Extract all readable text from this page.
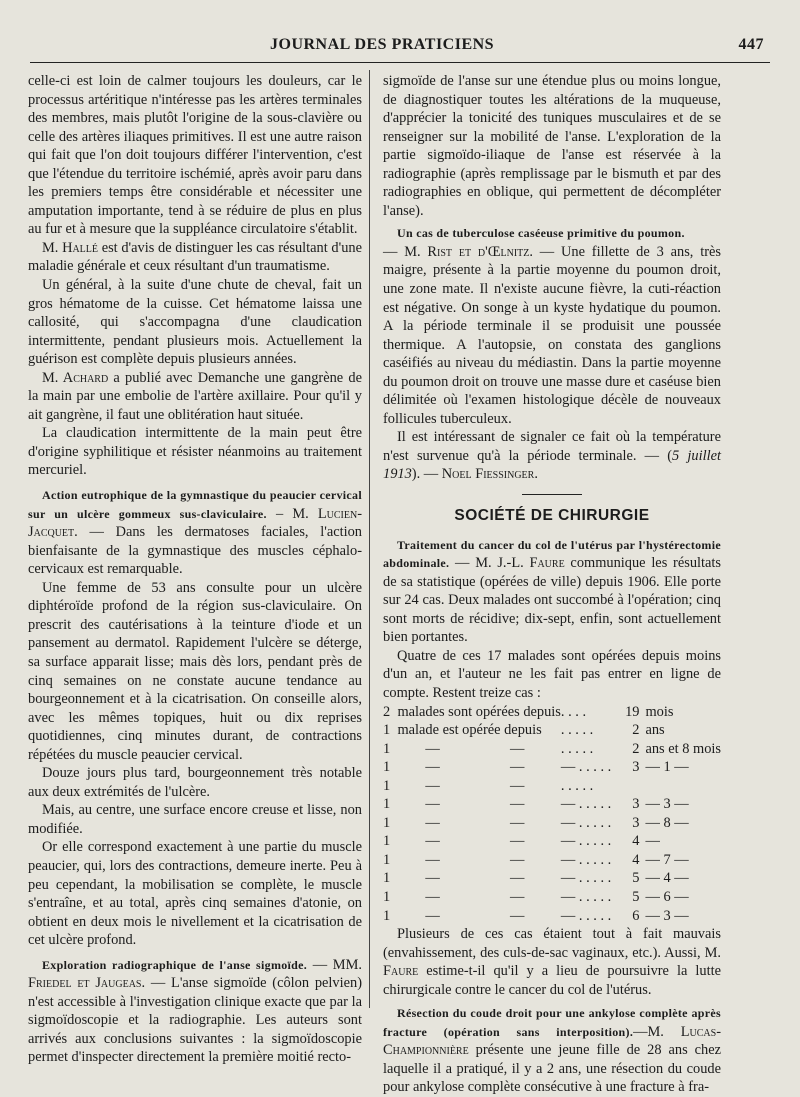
JOURNAL DES PRATICIENS	447

celle-ci est loin de calmer toujours les douleurs, car le processus artéritique n'intéresse pas les artères terminales des membres, mais plutôt l'origine de la sous-clavière ou celle des artères iliaques primitives. Il est une autre raison qui fait que l'on doit toujours différer l'intervention, c'est que l'étendue du territoire ischémié, après avoir paru dans les premiers temps être considérable et nécessiter une amputation importante, tend à se réduire de plus en plus au fur et à mesure que la suppléance circulatoire s'établit.

M. Hallé est d'avis de distinguer les cas résultant d'une maladie générale et ceux résultant d'un traumatisme.

Un général, à la suite d'une chute de cheval, fait un gros hématome de la cuisse. Cet hématome laissa une callosité, qui s'accompagna d'une claudication intermittente, pendant plusieurs mois. Actuellement la guérison est complète depuis plusieurs années.

M. Achard a publié avec Demanche une gangrène de la main par une embolie de l'artère axillaire. Pour qu'il y ait gangrène, il faut une oblitération haut située.

La claudication intermittente de la main peut être d'origine syphilitique et résister néanmoins au traitement mercuriel.

Action eutrophique de la gymnastique du peaucier cervical sur un ulcère gommeux sus-claviculaire. – M. Lucien-Jacquet. — Dans les dermatoses faciales, l'action bienfaisante de la gymnastique des muscles céphalo-cervicaux est remarquable.

Une femme de 53 ans consulte pour un ulcère diphtéroïde profond de la région sus-claviculaire. On prescrit des cautérisations à la teinture d'iode et un pansement au dermatol. Rapidement l'ulcère se déterge, sa surface apparait lisse; mais dès lors, pendant près de cinq semaines on ne constate aucune tendance au bourgeonnement et à la cicatrisation. On conseille alors, avec les mêmes topiques, huit ou dix reprises quotidiennes, cinq minutes durant, de contractions répétées du muscle peaucier cervical.

Douze jours plus tard, bourgeonnement très notable aux deux extrémités de l'ulcère.

Mais, au centre, une surface encore creuse et lisse, non modifiée.

Or elle correspond exactement à une partie du muscle peaucier, qui, lors des contractions, demeure inerte. Peu à peu cependant, la mobilisation se complète, le muscle s'entraîne, et au total, après cinq semaines d'atonie, on obtient en deux mois le nivellement et la cicatrisation de cet ulcère profond.

Exploration radiographique de l'anse sigmoïde. — MM. Friedel et Jaugeas. — L'anse sigmoïde (côlon pelvien) n'est accessible à l'investigation clinique exacte que par la sigmoïdoscopie et la radiographie. Les auteurs sont arrivés aux conclusions suivantes : la sigmoïdoscopie permet d'inspecter directement la première moitié recto-

sigmoïde de l'anse sur une étendue plus ou moins longue, de diagnostiquer toutes les altérations de la muqueuse, d'apprécier la tonicité des tuniques musculaires et de se renseigner sur la mobilité de l'anse. L'exploration de la partie sigmoïdo-iliaque de l'anse est réservée à la radiographie (après remplissage par le bismuth et par des radiographies en oblique, qui permettent de décompléter l'anse).

Un cas de tuberculose caséeuse primitive du poumon.
— M. Rist et d'Œlnitz. — Une fillette de 3 ans, très maigre, présente à la partie moyenne du poumon droit, une zone mate. Il n'existe aucune fièvre, la cuti-réaction est négative. On songe à un kyste hydatique du poumon. A la période terminale il se produisit une poussée thermique. A l'autopsie, on constata des ganglions caséifiés au niveau du médiastin. Dans la partie moyenne du poumon droit on trouve une masse dure et caséuse bien délimitée où l'examen histologique décèle de nouveaux follicules tuberculeux.

Il est intéressant de signaler ce fait où la température n'est survenue qu'à la période terminale. — (5 juillet 1913). — Noel Fiessinger.

SOCIÉTÉ DE CHIRURGIE

Traitement du cancer du col de l'utérus par l'hystérectomie abdominale. — M. J.-L. Faure communique les résultats de sa statistique (opérées de ville) depuis 1906. Elle porte sur 24 cas. Deux malades ont succombé à l'opération; cinq sont morts de récidive; dix-sept, enfin, sont actuellement bien portantes.

Quatre de ces 17 malades sont opérées depuis moins d'un an, et l'auteur ne les fait pas entrer en ligne de compte. Restent treize cas :

2	malades sont opérées depuis		. . . .	19	mois
1	malade est opérée depuis		. . . . .	2	ans
1	—	—	. . . . .	2	ans et 8 mois
1	—	—	— . . . . .	3	— 1 —
1	—	—	. . . . .		
1	—	—	— . . . . .	3	— 3 —
1	—	—	— . . . . .	3	— 8 —
1	—	—	— . . . . .	4	—
1	—	—	— . . . . .	4	— 7 —
1	—	—	— . . . . .	5	— 4 —
1	—	—	— . . . . .	5	— 6 —
1	—	—	— . . . . .	6	— 3 —

Plusieurs de ces cas étaient tout à fait mauvais (envahissement, des culs-de-sac vaginaux, etc.). Aussi, M. Faure estime-t-il qu'il y a lieu de poursuivre la lutte chirurgicale contre le cancer du col de l'utérus.

Résection du coude droit pour une ankylose complète après fracture (opération sans interposition).—M. Lucas-Championnière présente une jeune fille de 28 ans chez laquelle il a pratiqué, il y a 2 ans, une résection du coude pour ankylose complète consécutive à une fracture à fra-
